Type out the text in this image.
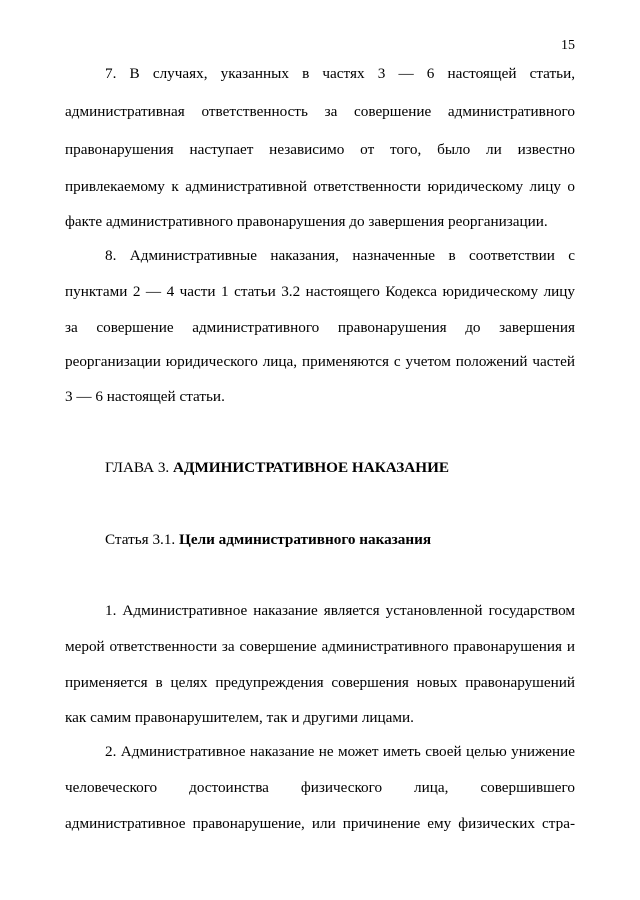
15
7. В случаях, указанных в частях 3 — 6 настоящей статьи,
административная ответственность за совершение административного
правонарушения наступает независимо от того, было ли известно
привлекаемому к административной ответственности юридическому лицу о
факте административного правонарушения до завершения реорганизации.
8. Административные наказания, назначенные в соответствии с
пунктами 2 — 4 части 1 статьи 3.2 настоящего Кодекса юридическому лицу
за совершение административного правонарушения до завершения
реорганизации юридического лица, применяются с учетом положений частей
3 — 6 настоящей статьи.
ГЛАВА 3. АДМИНИСТРАТИВНОЕ НАКАЗАНИЕ
Статья 3.1. Цели административного наказания
1. Административное наказание является установленной государством
мерой ответственности за совершение административного правонарушения и
применяется в целях предупреждения совершения новых правонарушений
как самим правонарушителем, так и другими лицами.
2. Административное наказание не может иметь своей целью унижение
человеческого достоинства физического лица, совершившего
административное правонарушение, или причинение ему физических стра-
